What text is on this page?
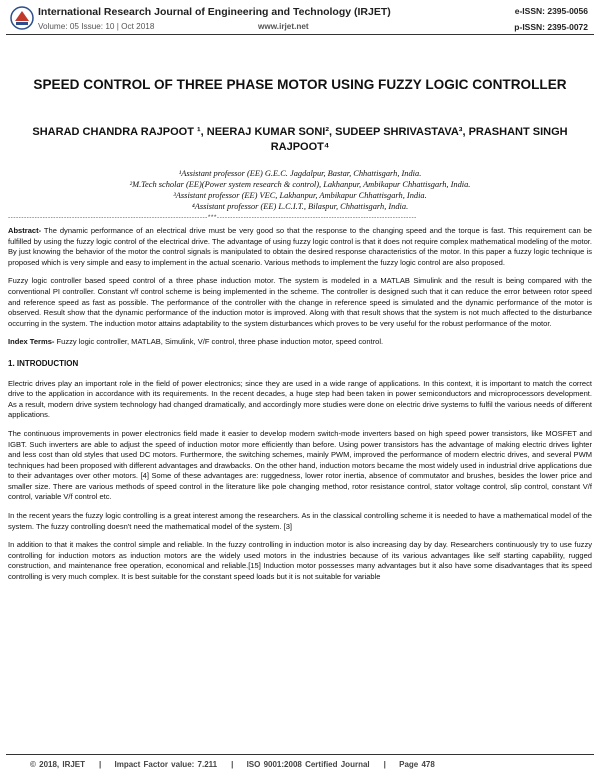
International Research Journal of Engineering and Technology (IRJET)
Volume: 05 Issue: 10 | Oct 2018	www.irjet.net
e-ISSN: 2395-0056
p-ISSN: 2395-0072
SPEED CONTROL OF THREE PHASE MOTOR USING FUZZY LOGIC CONTROLLER
SHARAD CHANDRA RAJPOOT ¹, NEERAJ KUMAR SONI², SUDEEP SHRIVASTAVA³, PRASHANT SINGH RAJPOOT⁴
¹Assistant professor (EE) G.E.C. Jagdalpur, Bastar, Chhattisgarh, India.
²M.Tech scholar (EE)(Power system research & control), Lakhanpur, Ambikapur Chhattisgarh, India.
³Assistant professor (EE) VEC, Lakhanpur, Ambikapur Chhattisgarh, India.
⁴Assistant professor (EE) L.C.I.T., Bilaspur, Chhattisgarh, India.
---------------------------------------------------------------------------***---------------------------------------------------------------------------

Abstract- The dynamic performance of an electrical drive must be very good so that the response to the changing speed and the torque is fast. This requirement can be fulfilled by using the fuzzy logic control of the electrical drive. The advantage of using fuzzy logic control is that it does not require complex mathematical modeling of the motor. By just knowing the behavior of the motor the control signals is manipulated to obtain the desired response characteristics of the motor. In this paper a fuzzy logic technique is proposed which is very simple and easy to implement in the actual scenario. Various methods to implement the fuzzy logic control are also proposed.

Fuzzy logic controller based speed control of a three phase induction motor. The system is modeled in a MATLAB Simulink and the result is being compared with the conventional PI controller. Constant v/f control scheme is being implemented in the scheme. The controller is designed such that it can reduce the error between rotor speed and reference speed as fast as possible. The performance of the controller with the change in reference speed is simulated and the dynamic performance of the motor is observed. Result show that the dynamic performance of the induction motor is improved. Along with that result shows that the system is not much affected to the disturbance occurring in the system. The induction motor attains adaptability to the system disturbances which proves to be very useful for the robust performance of the motor.

Index Terms- Fuzzy logic controller, MATLAB, Simulink, V/F control, three phase induction motor, speed control.

1. INTRODUCTION

Electric drives play an important role in the field of power electronics; since they are used in a wide range of applications. In this context, it is important to match the correct drive to the application in accordance with its requirements. In the recent decades, a huge step had been taken in power semiconductors and microprocessors development. As a result, modern drive system technology had changed dramatically, and accordingly more studies were done on electric drive systems to fulfil the various needs of different applications.

The continuous improvements in power electronics field made it easier to develop modern switch-mode inverters based on high speed power transistors, like MOSFET and IGBT. Such inverters are able to adjust the speed of induction motor more efficiently than before. Using power transistors has the advantage of making electric drives lighter and less cost than old styles that used DC motors. Furthermore, the switching schemes, mainly PWM, improved the performance of modern electric drives, and several PWM techniques had been proposed with different advantages and drawbacks. On the other hand, induction motors became the most widely used in industrial drive applications due to their advantages over other motors. [4] Some of these advantages are: ruggedness, lower rotor inertia, absence of commutator and brushes, besides the lower price and smaller size. There are various methods of speed control in the literature like pole changing method, rotor resistance control, stator voltage control, slip control, constant V/f control, variable V/f control etc.

In the recent years the fuzzy logic controlling is a great interest among the researchers. As in the classical controlling scheme it is needed to have a mathematical model of the system. The fuzzy controlling doesn't need the mathematical model of the system. [3]

In addition to that it makes the control simple and reliable. In the fuzzy controlling in induction motor is also increasing day by day. Researchers continuously try to use fuzzy controlling for induction motors as induction motors are the widely used motors in the industries because of its various advantages like self starting capability, rugged construction, and maintenance free operation, economical and reliable.[15] Induction motor possesses many advantages but it also have some disadvantages that its speed controlling is very much complex. It is best suitable for the constant speed loads but it is not suitable for variable

© 2018, IRJET | Impact Factor value: 7.211 | ISO 9001:2008 Certified Journal | Page 478
